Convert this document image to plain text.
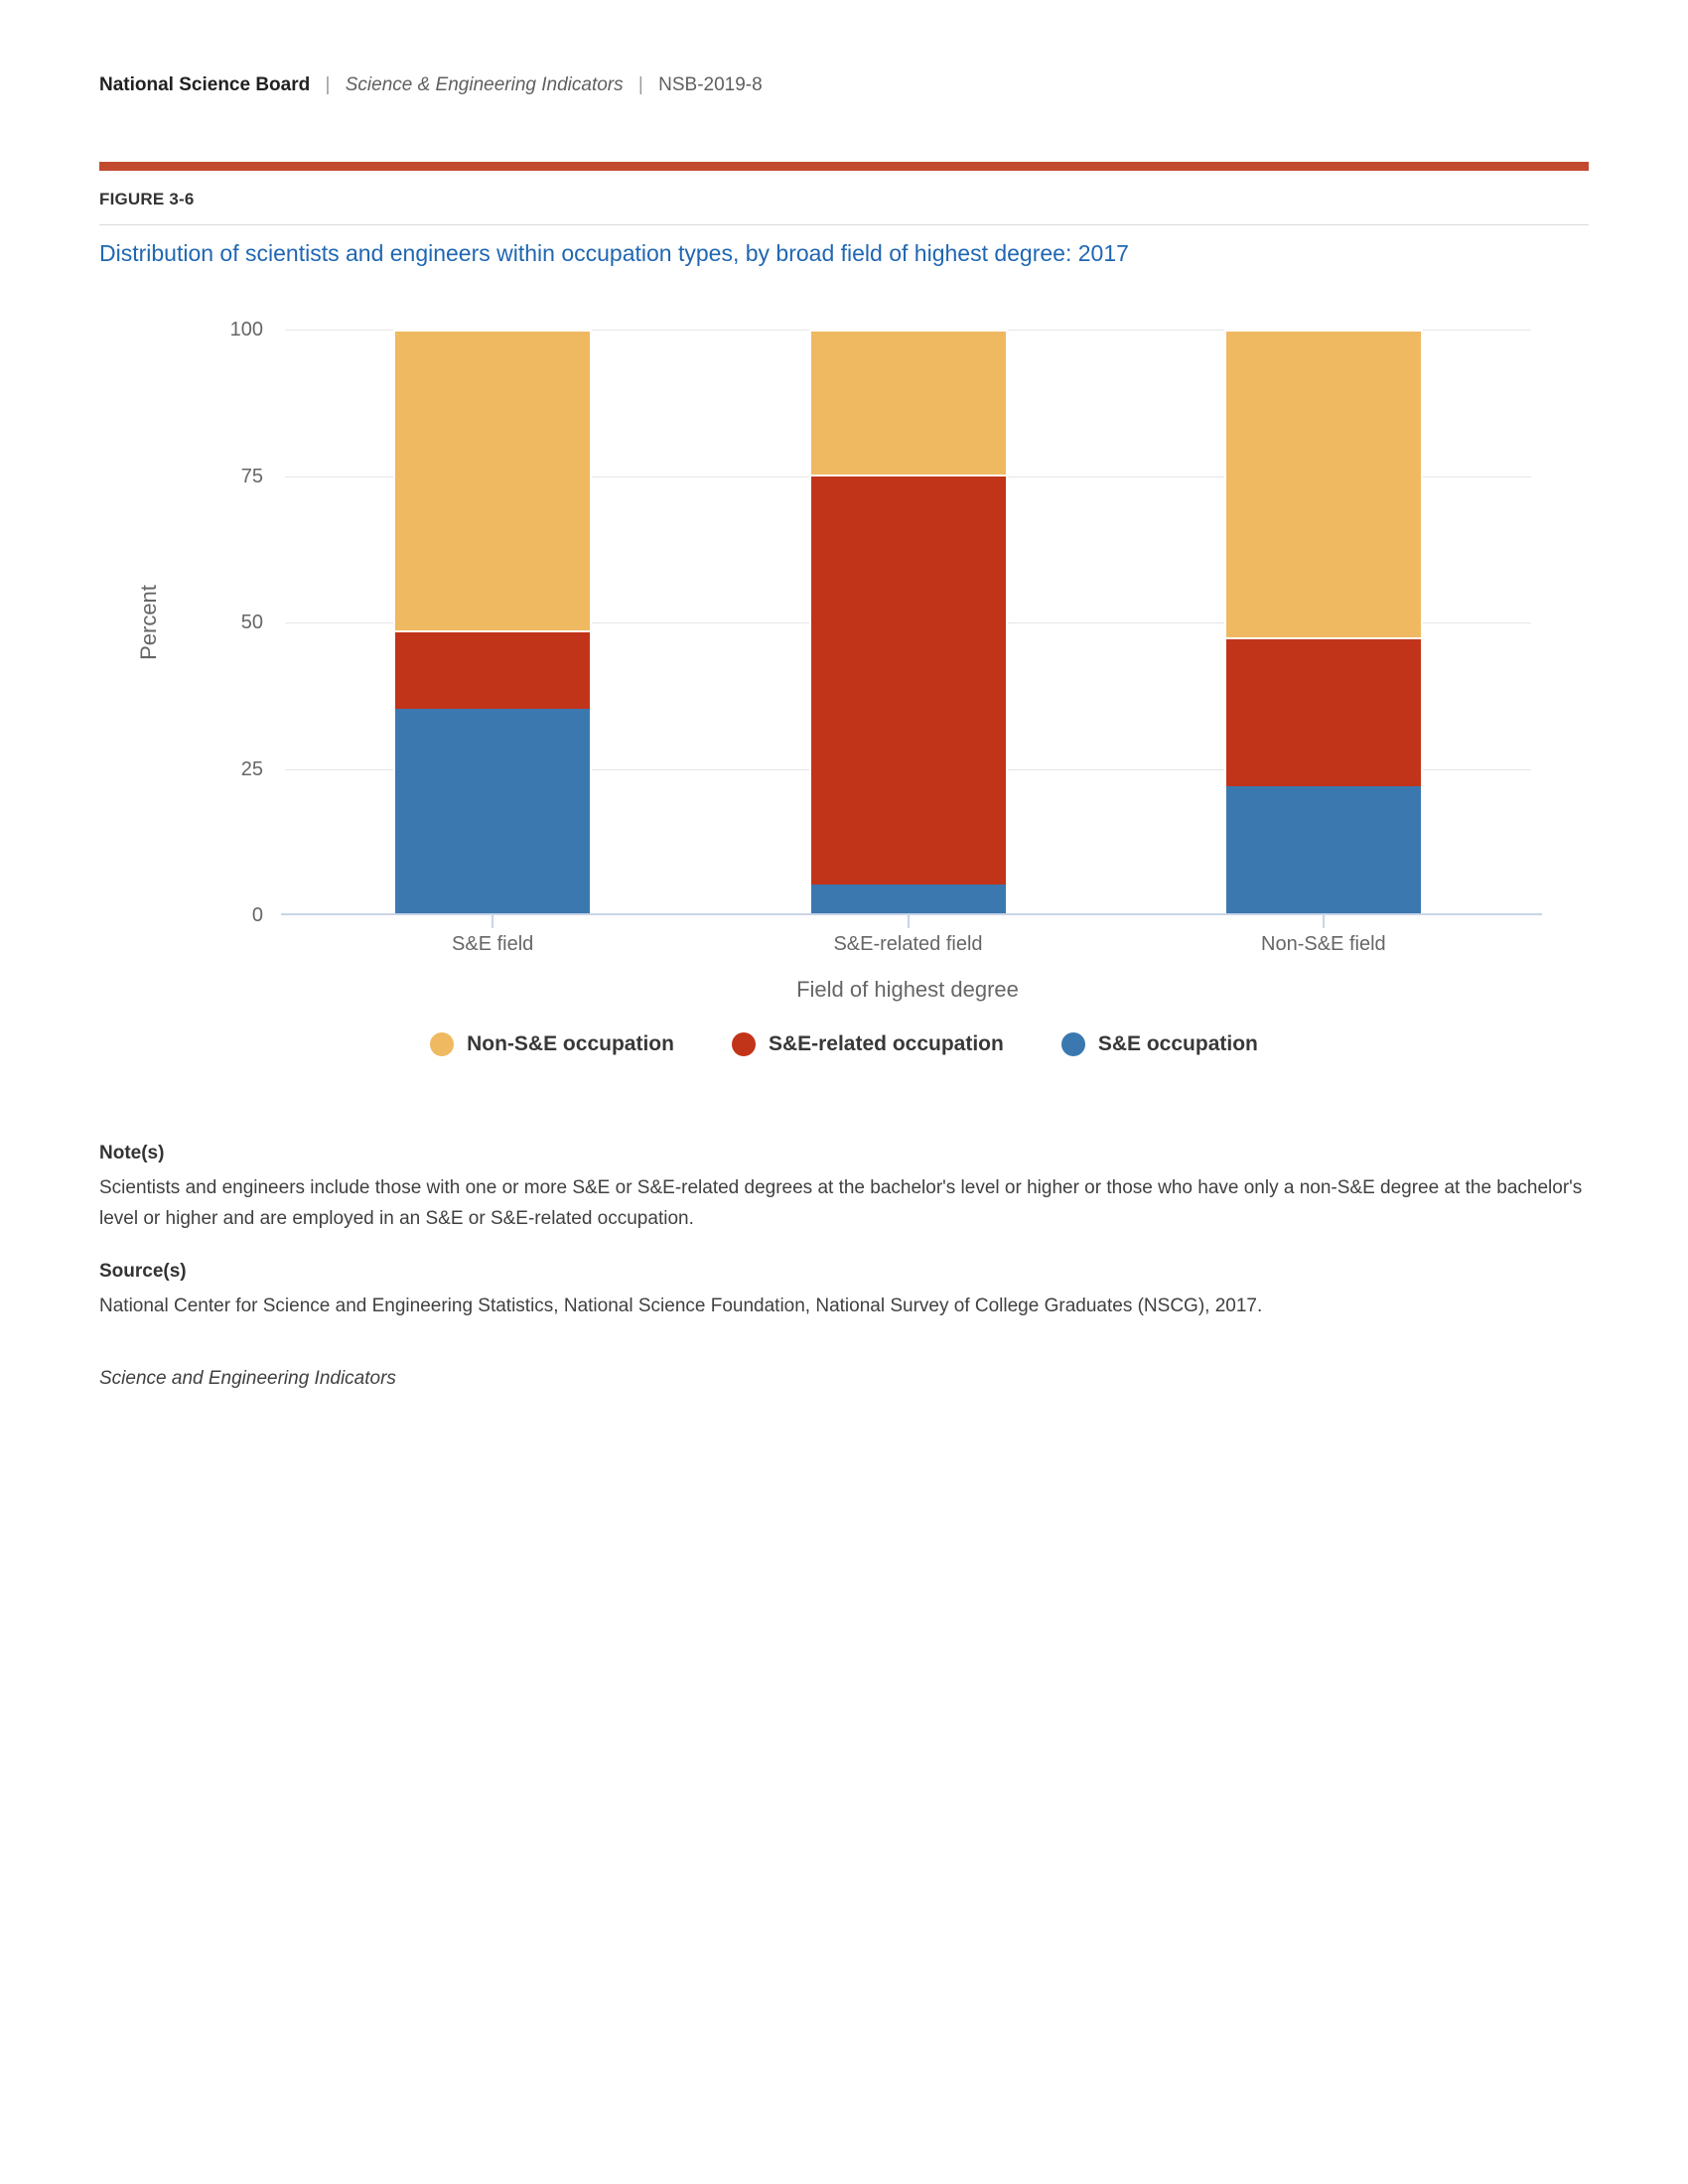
National Science Board | Science & Engineering Indicators | NSB-2019-8
FIGURE 3-6
Distribution of scientists and engineers within occupation types, by broad field of highest degree: 2017
Percent
0
25
50
75
100
S&E field	S&E-related field	Non-S&E field
Field of highest degree
Non-S&E occupation	S&E-related occupation	S&E occupation
Note(s)
Scientists and engineers include those with one or more S&E or S&E-related degrees at the bachelor's level or higher or those who have only a non-S&E degree at the bachelor's level or higher and are employed in an S&E or S&E-related occupation.
Source(s)
National Center for Science and Engineering Statistics, National Science Foundation, National Survey of College Graduates (NSCG), 2017.
Science and Engineering Indicators
